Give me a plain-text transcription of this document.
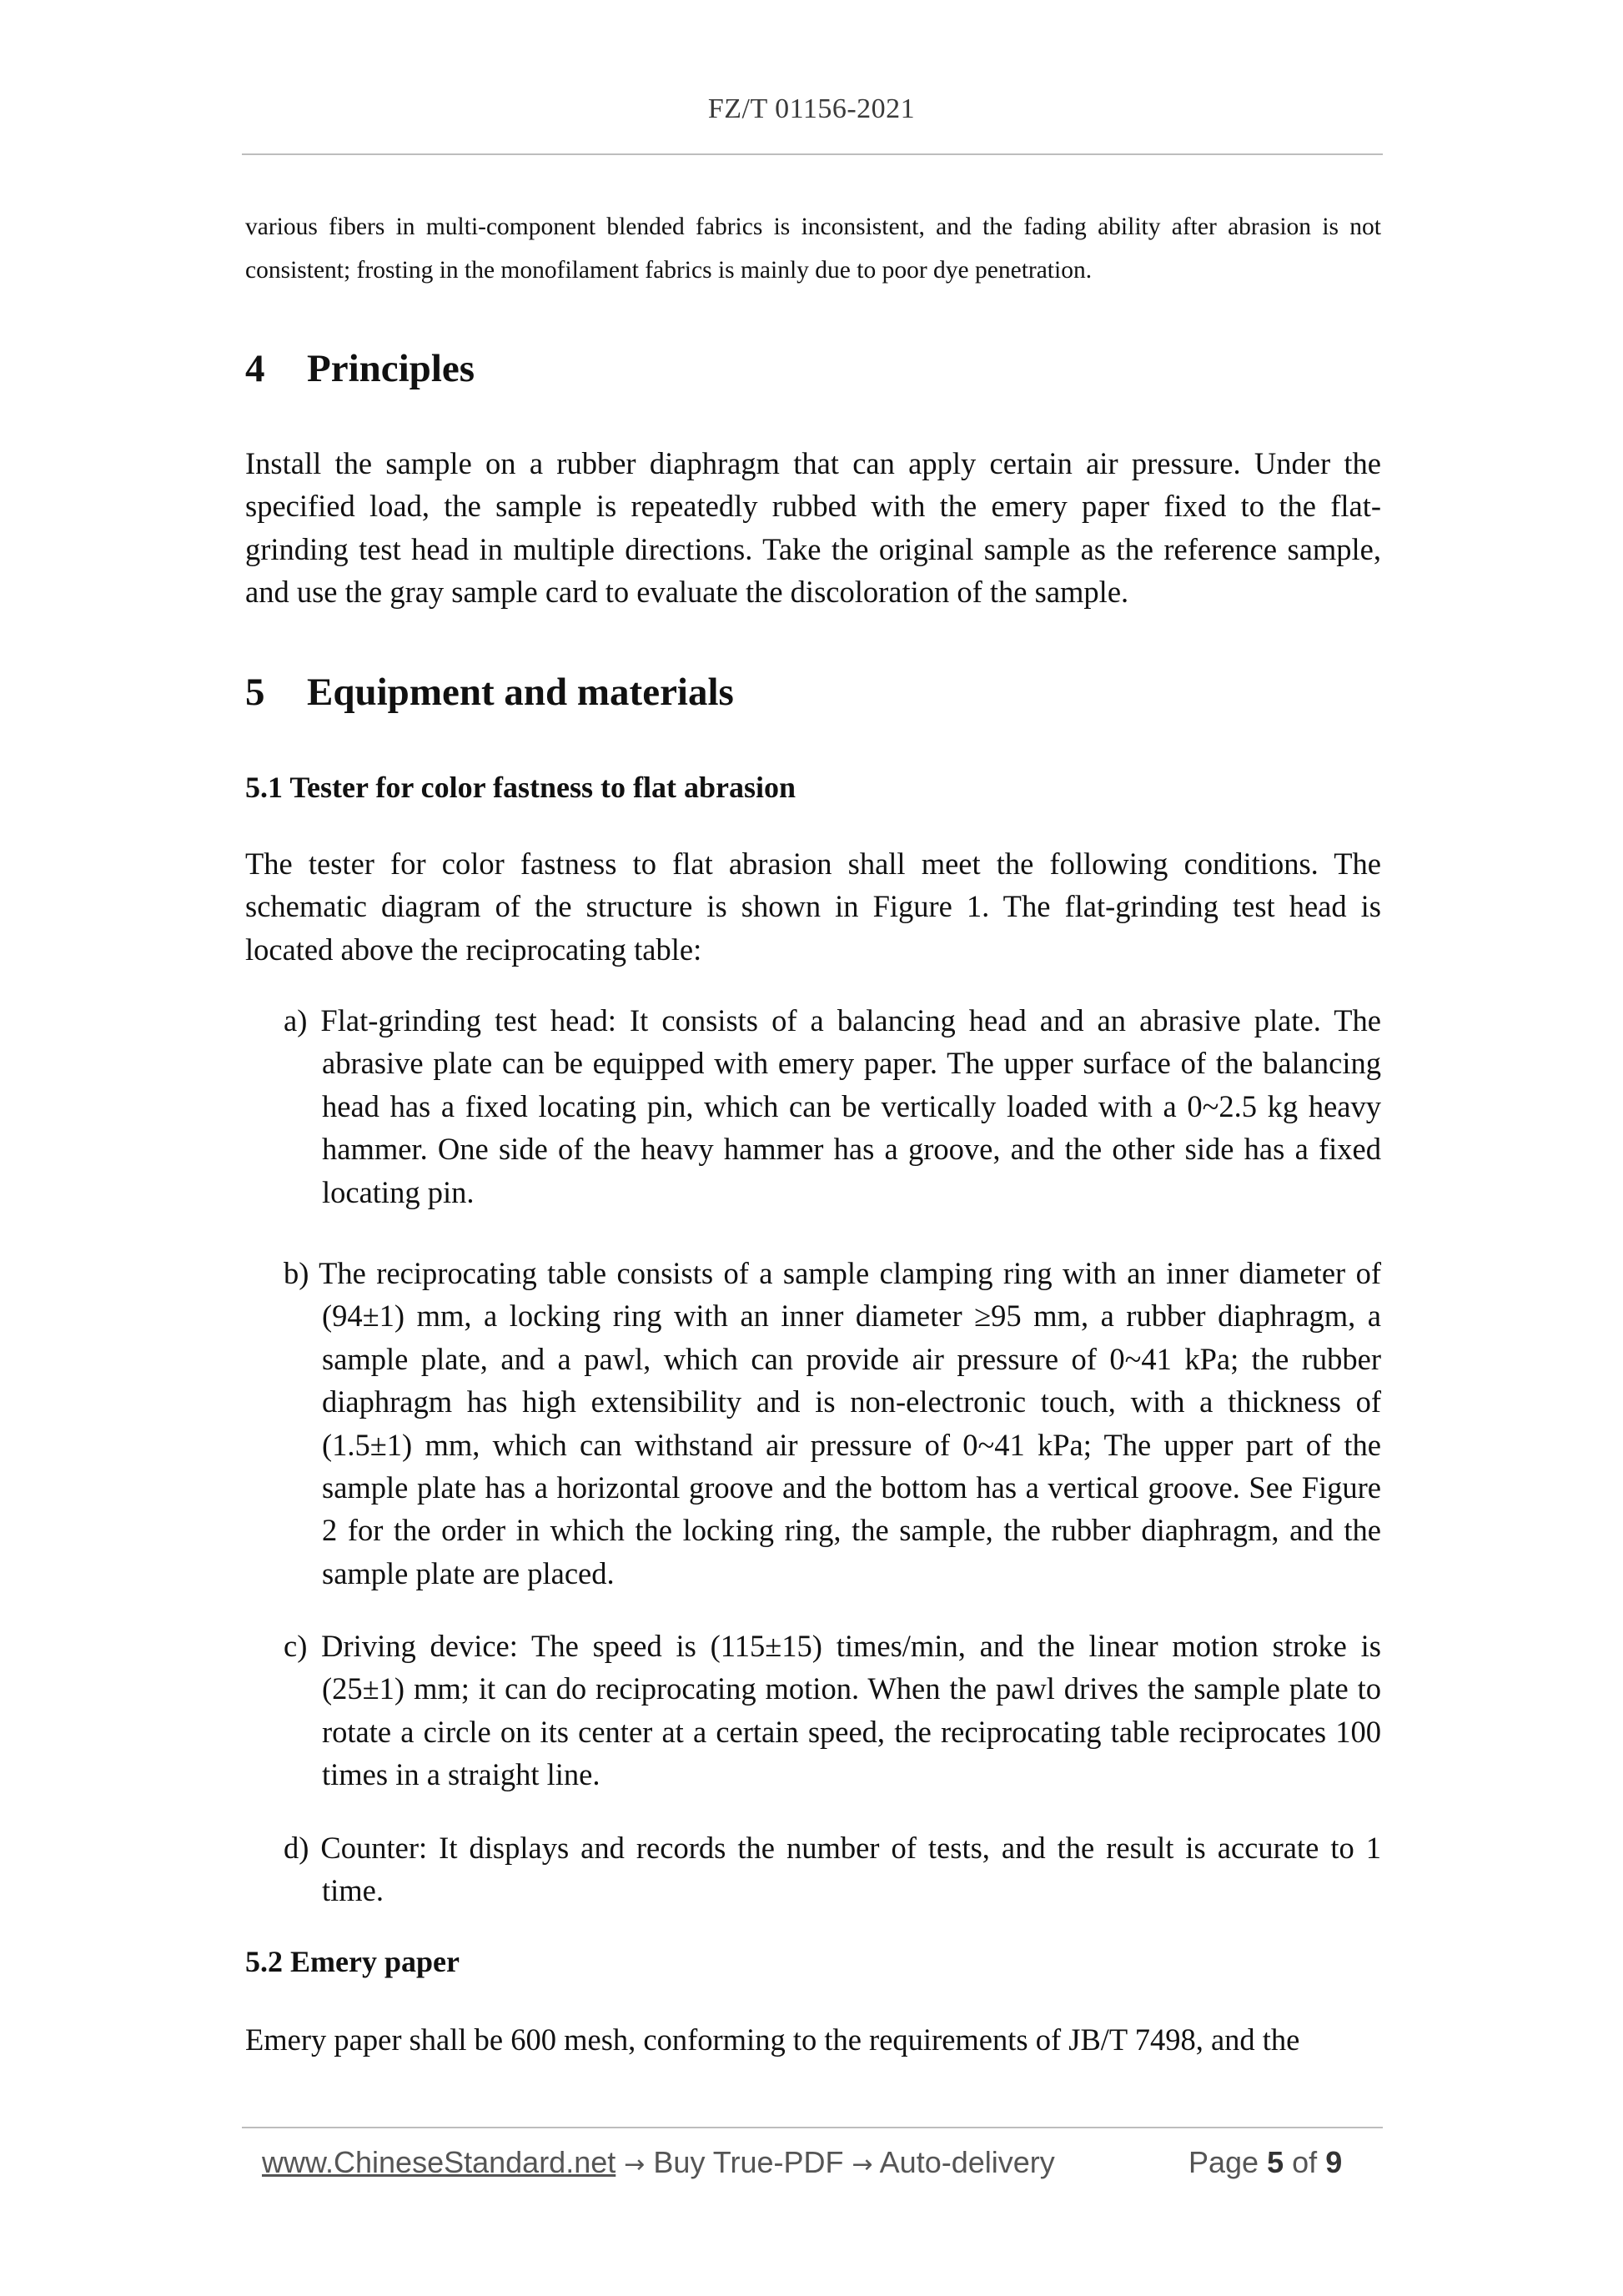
FZ/T 01156-2021
various fibers in multi-component blended fabrics is inconsistent, and the fading ability after abrasion is not consistent; frosting in the monofilament fabrics is mainly due to poor dye penetration.
4 Principles
Install the sample on a rubber diaphragm that can apply certain air pressure. Under the specified load, the sample is repeatedly rubbed with the emery paper fixed to the flat-grinding test head in multiple directions. Take the original sample as the reference sample, and use the gray sample card to evaluate the discoloration of the sample.
5 Equipment and materials
5.1 Tester for color fastness to flat abrasion
The tester for color fastness to flat abrasion shall meet the following conditions. The schematic diagram of the structure is shown in Figure 1. The flat-grinding test head is located above the reciprocating table:
a) Flat-grinding test head: It consists of a balancing head and an abrasive plate. The abrasive plate can be equipped with emery paper. The upper surface of the balancing head has a fixed locating pin, which can be vertically loaded with a 0~2.5 kg heavy hammer. One side of the heavy hammer has a groove, and the other side has a fixed locating pin.
b) The reciprocating table consists of a sample clamping ring with an inner diameter of (94±1) mm, a locking ring with an inner diameter ≥95 mm, a rubber diaphragm, a sample plate, and a pawl, which can provide air pressure of 0~41 kPa; the rubber diaphragm has high extensibility and is non-electronic touch, with a thickness of (1.5±1) mm, which can withstand air pressure of 0~41 kPa; The upper part of the sample plate has a horizontal groove and the bottom has a vertical groove. See Figure 2 for the order in which the locking ring, the sample, the rubber diaphragm, and the sample plate are placed.
c) Driving device: The speed is (115±15) times/min, and the linear motion stroke is (25±1) mm; it can do reciprocating motion. When the pawl drives the sample plate to rotate a circle on its center at a certain speed, the reciprocating table reciprocates 100 times in a straight line.
d) Counter: It displays and records the number of tests, and the result is accurate to 1 time.
5.2 Emery paper
Emery paper shall be 600 mesh, conforming to the requirements of JB/T 7498, and the
www.ChineseStandard.net → Buy True-PDF → Auto-delivery	Page 5 of 9
